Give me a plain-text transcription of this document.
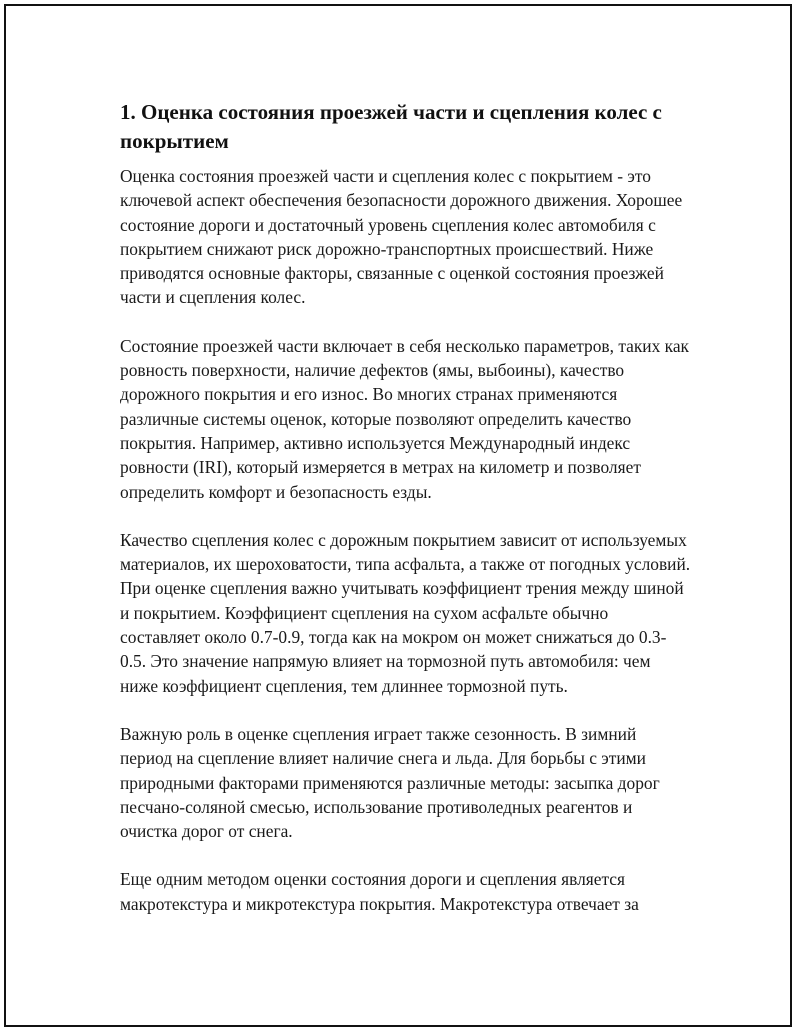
1. Оценка состояния проезжей части и сцепления колес с покрытием

Оценка состояния проезжей части и сцепления колес с покрытием - это ключевой аспект обеспечения безопасности дорожного движения. Хорошее состояние дороги и достаточный уровень сцепления колес автомобиля с покрытием снижают риск дорожно-транспортных происшествий. Ниже приводятся основные факторы, связанные с оценкой состояния проезжей части и сцепления колес.

Состояние проезжей части включает в себя несколько параметров, таких как ровность поверхности, наличие дефектов (ямы, выбоины), качество дорожного покрытия и его износ. Во многих странах применяются различные системы оценок, которые позволяют определить качество покрытия. Например, активно используется Международный индекс ровности (IRI), который измеряется в метрах на километр и позволяет определить комфорт и безопасность езды.

Качество сцепления колес с дорожным покрытием зависит от используемых материалов, их шероховатости, типа асфальта, а также от погодных условий. При оценке сцепления важно учитывать коэффициент трения между шиной и покрытием. Коэффициент сцепления на сухом асфальте обычно составляет около 0.7-0.9, тогда как на мокром он может снижаться до 0.3-0.5. Это значение напрямую влияет на тормозной путь автомобиля: чем ниже коэффициент сцепления, тем длиннее тормозной путь.

Важную роль в оценке сцепления играет также сезонность. В зимний период на сцепление влияет наличие снега и льда. Для борьбы с этими природными факторами применяются различные методы: засыпка дорог песчано-соляной смесью, использование противоледных реагентов и очистка дорог от снега.

Еще одним методом оценки состояния дороги и сцепления является макротекстура и микротекстура покрытия. Макротекстура отвечает за
